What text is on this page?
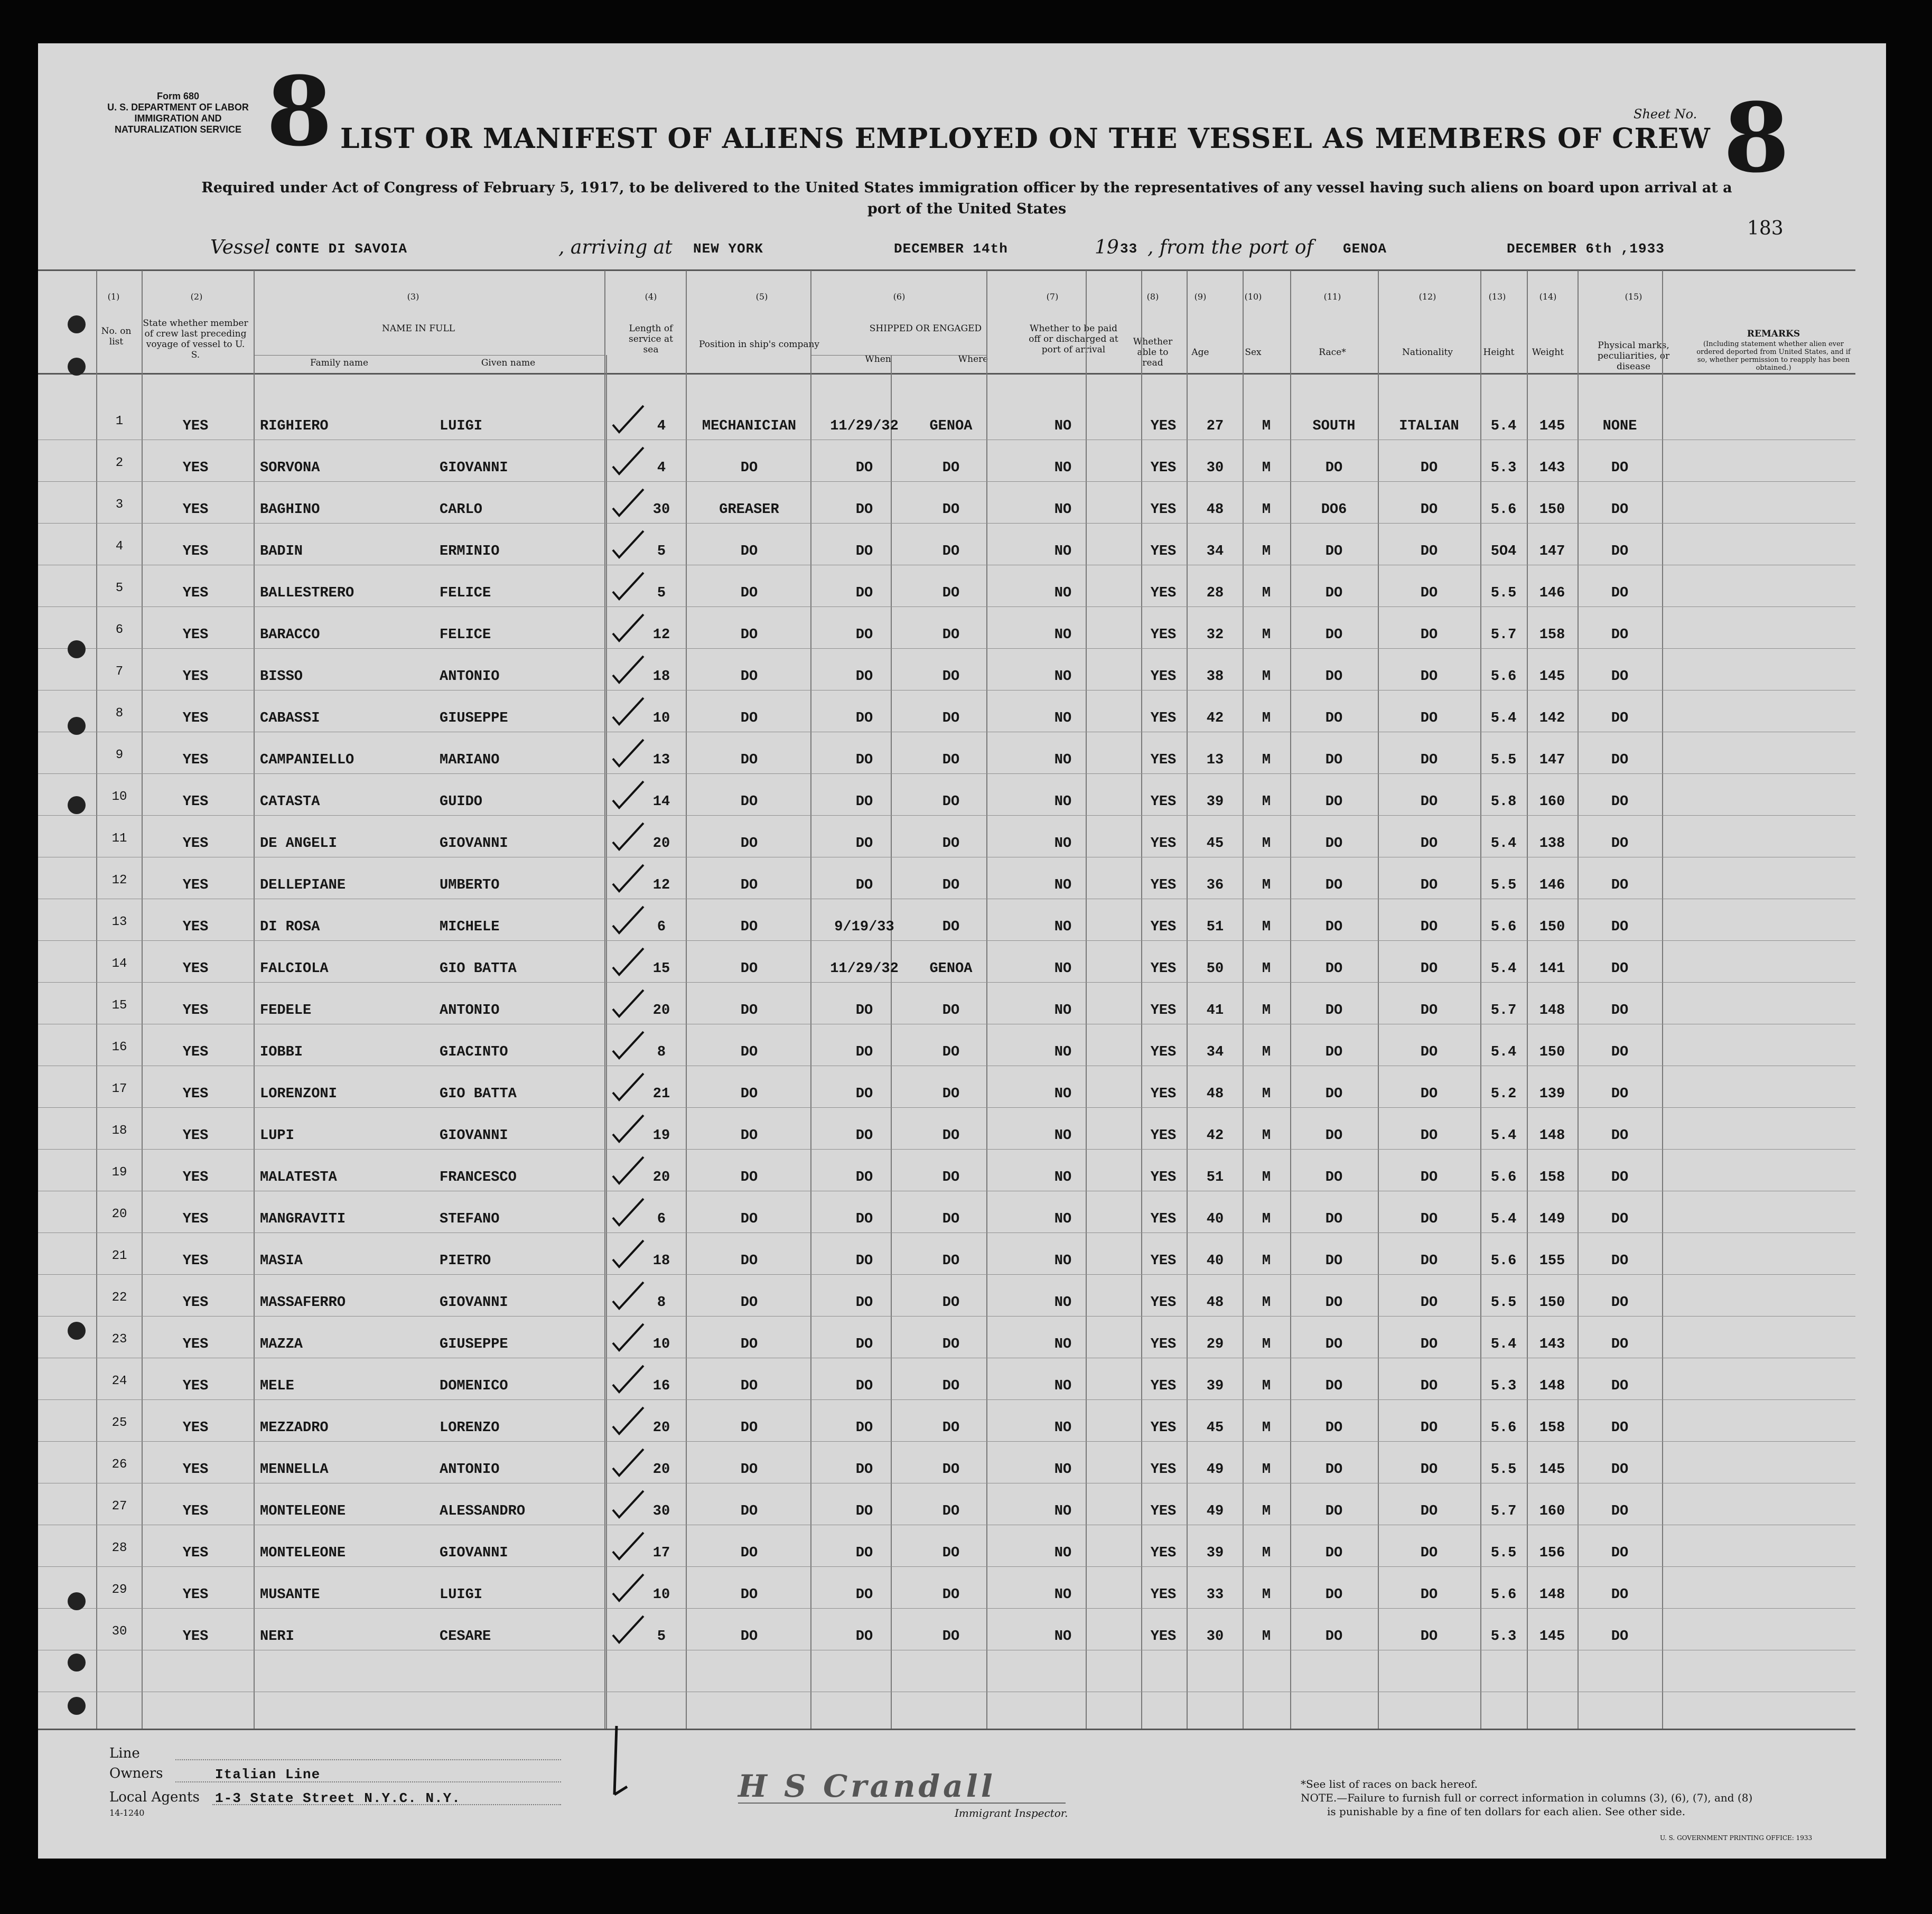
Form 680
U. S. DEPARTMENT OF LABOR
IMMIGRATION AND NATURALIZATION SERVICE 8 LIST OR MANIFEST OF ALIENS EMPLOYED ON THE VESSEL AS MEMBERS OF CREW
Sheet No. 8
Required under Act of Congress of February 5, 1917, to be delivered to the United States immigration officer by the representatives of any vessel having such aliens on board upon arrival at a
port of the United States
183
Vessel CONTE DI SAVOIA	, arriving at NEW YORK	DECEMBER 14th	19 33 , from the port of GENOA	DECEMBER 6th ,1933
(1)
No. on list
(2)
State whether member of crew last preceding voyage of vessel to U. S.
(3)
NAME IN FULL
Family name	Given name
(4)
Length of service at sea
(5)
Position in ship's company
(6)
SHIPPED OR ENGAGED
When	Where
(7)
Whether to be paid off or discharged at port of arrival
(8)
Whether able to read
(9)
Age
(10)
Sex
(11)
Race*
(12)
Nationality
(13)
Height
(14)
Weight
(15)
Physical marks, peculiarities, or disease
REMARKS
(Including statement whether alien ever ordered deported from United States, and if so, whether permission to reapply has been obtained.)
1	YES	RIGHIERO	LUIGI	4	MECHANICIAN	11/29/32	GENOA	NO	YES	27	M	SOUTH	ITALIAN	5.4	145	NONE
2	YES	SORVONA	GIOVANNI	4	DO	DO	DO	NO	YES	30	M	DO	DO	5.3	143	DO
3	YES	BAGHINO	CARLO	30	GREASER	DO	DO	NO	YES	48	M	DO6	DO	5.6	150	DO
4	YES	BADIN	ERMINIO	5	DO	DO	DO	NO	YES	34	M	DO	DO	5O4	147	DO
5	YES	BALLESTRERO	FELICE	5	DO	DO	DO	NO	YES	28	M	DO	DO	5.5	146	DO
6	YES	BARACCO	FELICE	12	DO	DO	DO	NO	YES	32	M	DO	DO	5.7	158	DO
7	YES	BISSO	ANTONIO	18	DO	DO	DO	NO	YES	38	M	DO	DO	5.6	145	DO
8	YES	CABASSI	GIUSEPPE	10	DO	DO	DO	NO	YES	42	M	DO	DO	5.4	142	DO
9	YES	CAMPANIELLO	MARIANO	13	DO	DO	DO	NO	YES	13	M	DO	DO	5.5	147	DO
10	YES	CATASTA	GUIDO	14	DO	DO	DO	NO	YES	39	M	DO	DO	5.8	160	DO
11	YES	DE ANGELI	GIOVANNI	20	DO	DO	DO	NO	YES	45	M	DO	DO	5.4	138	DO
12	YES	DELLEPIANE	UMBERTO	12	DO	DO	DO	NO	YES	36	M	DO	DO	5.5	146	DO
13	YES	DI ROSA	MICHELE	6	DO	9/19/33	DO	NO	YES	51	M	DO	DO	5.6	150	DO
14	YES	FALCIOLA	GIO BATTA	15	DO	11/29/32	GENOA	NO	YES	50	M	DO	DO	5.4	141	DO
15	YES	FEDELE	ANTONIO	20	DO	DO	DO	NO	YES	41	M	DO	DO	5.7	148	DO
16	YES	IOBBI	GIACINTO	8	DO	DO	DO	NO	YES	34	M	DO	DO	5.4	150	DO
17	YES	LORENZONI	GIO BATTA	21	DO	DO	DO	NO	YES	48	M	DO	DO	5.2	139	DO
18	YES	LUPI	GIOVANNI	19	DO	DO	DO	NO	YES	42	M	DO	DO	5.4	148	DO
19	YES	MALATESTA	FRANCESCO	20	DO	DO	DO	NO	YES	51	M	DO	DO	5.6	158	DO
20	YES	MANGRAVITI	STEFANO	6	DO	DO	DO	NO	YES	40	M	DO	DO	5.4	149	DO
21	YES	MASIA	PIETRO	18	DO	DO	DO	NO	YES	40	M	DO	DO	5.6	155	DO
22	YES	MASSAFERRO	GIOVANNI	8	DO	DO	DO	NO	YES	48	M	DO	DO	5.5	150	DO
23	YES	MAZZA	GIUSEPPE	10	DO	DO	DO	NO	YES	29	M	DO	DO	5.4	143	DO
24	YES	MELE	DOMENICO	16	DO	DO	DO	NO	YES	39	M	DO	DO	5.3	148	DO
25	YES	MEZZADRO	LORENZO	20	DO	DO	DO	NO	YES	45	M	DO	DO	5.6	158	DO
26	YES	MENNELLA	ANTONIO	20	DO	DO	DO	NO	YES	49	M	DO	DO	5.5	145	DO
27	YES	MONTELEONE	ALESSANDRO	30	DO	DO	DO	NO	YES	49	M	DO	DO	5.7	160	DO
28	YES	MONTELEONE	GIOVANNI	17	DO	DO	DO	NO	YES	39	M	DO	DO	5.5	156	DO
29	YES	MUSANTE	LUIGI	10	DO	DO	DO	NO	YES	33	M	DO	DO	5.6	148	DO
30	YES	NERI	CESARE	5	DO	DO	DO	NO	YES	30	M	DO	DO	5.3	145	DO
Line
Owners	Italian Line
Local Agents 1-3 State Street N.Y.C. N.Y.
14-1240
H S Crandall
Immigrant Inspector.
*See list of races on back hereof.
NOTE.—Failure to furnish full or correct information in columns (3), (6), (7), and (8)
is punishable by a fine of ten dollars for each alien. See other side.
U. S. GOVERNMENT PRINTING OFFICE: 1933
